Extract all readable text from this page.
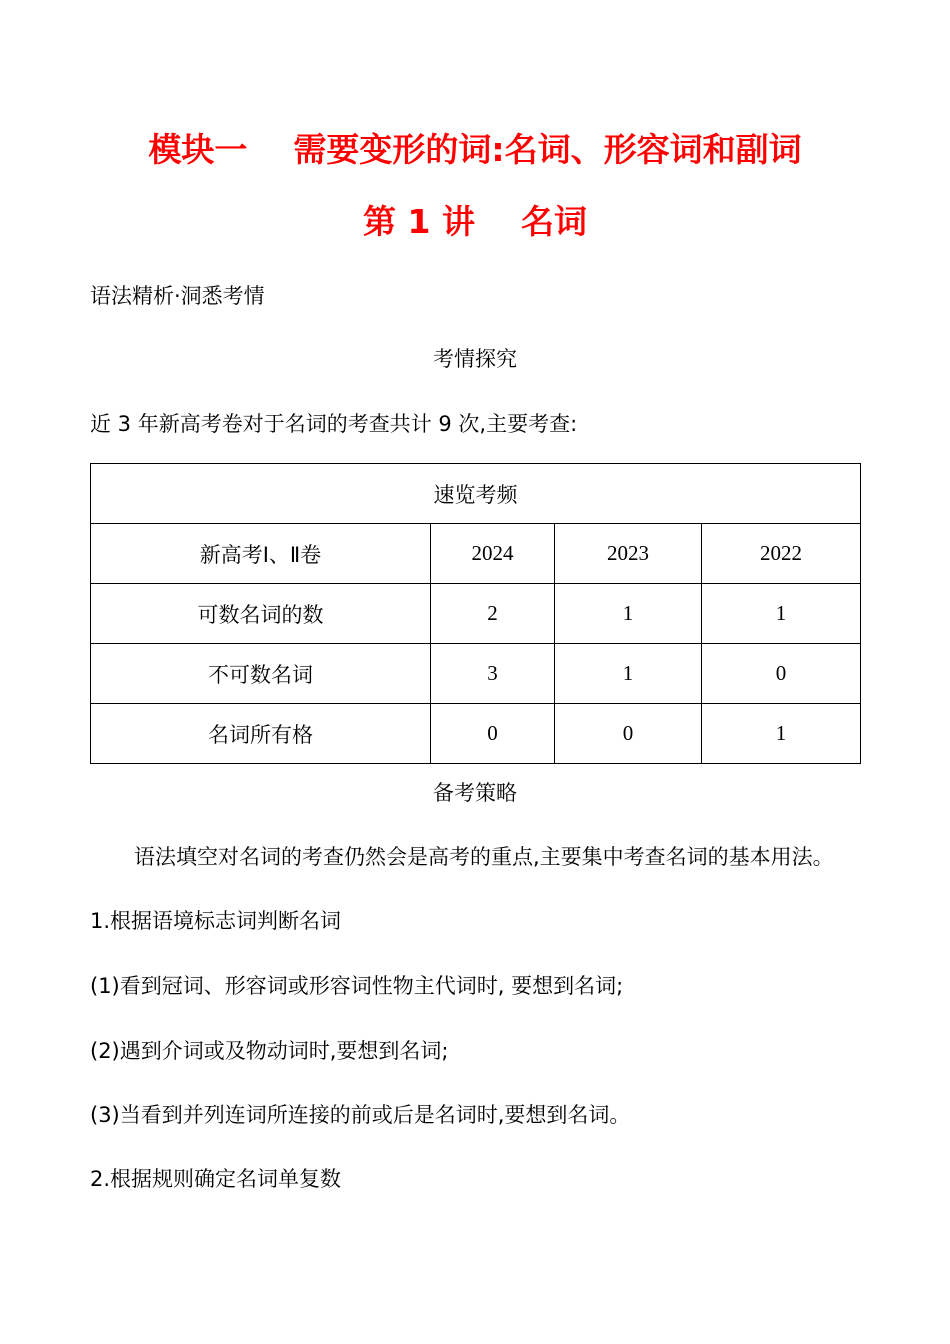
模块一    需要变形的词:名词、形容词和副词
第 1 讲    名词
语法精析·洞悉考情
考情探究
近 3 年新高考卷对于名词的考查共计 9 次,主要考查:
速览考频			
新高考Ⅰ、Ⅱ卷	2024	2023	2022
可数名词的数	2	1	1
不可数名词	3	1	0
名词所有格	0	0	1
备考策略
语法填空对名词的考查仍然会是高考的重点,主要集中考查名词的基本用法。
1.根据语境标志词判断名词
(1)看到冠词、形容词或形容词性物主代词时, 要想到名词;
(2)遇到介词或及物动词时,要想到名词;
(3)当看到并列连词所连接的前或后是名词时,要想到名词。
2.根据规则确定名词单复数
